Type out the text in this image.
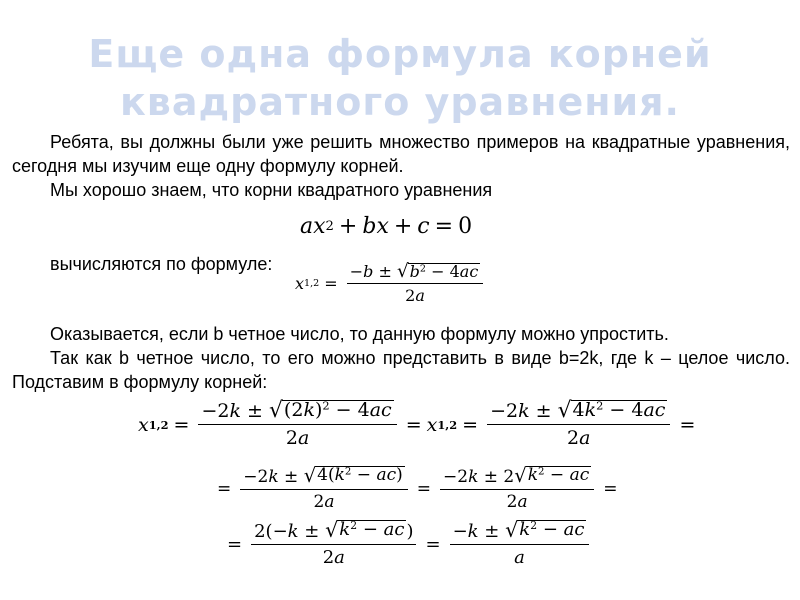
Еще одна формула корней
квадратного уравнения.
Ребята, вы должны были уже решить множество примеров на квадратные уравнения, сегодня мы изучим еще одну формулу корней.
Мы хорошо знаем, что корни квадратного уравнения
ax 2 + bx + c = 0
вычисляются по формуле:
x $1,2 = \frac{-b \pm √ b^2 - 4ac}{2a}$
Оказывается, если b четное число, то данную формулу можно упростить.
Так как b четное число, то его можно представить в виде b=2k, где k – целое число. Подставим в формулу корней:
x $1,2 = \frac{-2k \pm √ (2k)^2 - 4ac}{2a} = x$ $1,2 = \frac{-2k \pm √ 4k^2 - 4ac}{2a}$ =
= $\frac{-2k \pm √ 4(k^2 - ac)}{2a} = \frac{-2k \pm 2 √ k^2 - ac}{2a}$ =
= $\frac{2(-k \pm √ k^2 - ac )}{2a} = \frac{-k \pm √ k^2 - ac}{a}$
